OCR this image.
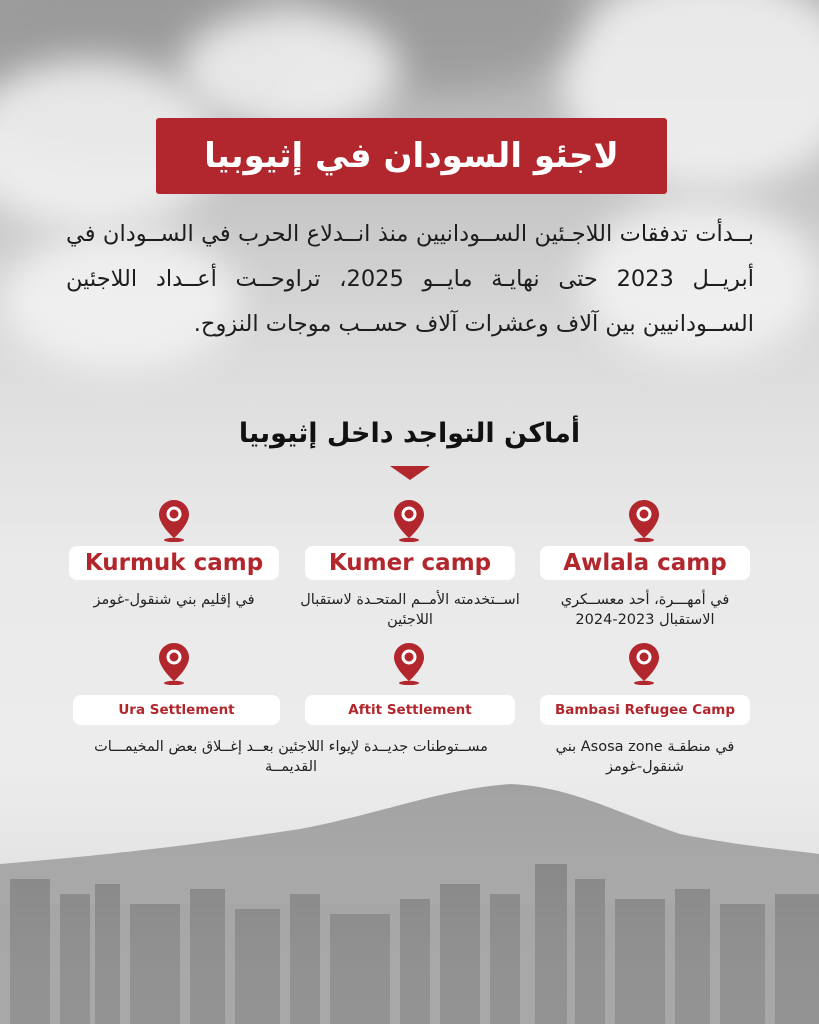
لاجئو السودان في إثيوبيا
بــدأت تدفقات اللاجـئين الســودانيين منذ انــدلاع الحرب في الســودان في أبريــل 2023 حتى نهايـة مايــو 2025، تراوحــت أعــداد اللاجئين الســودانيين بين آلاف وعشرات آلاف حســب موجات النزوح.
أماكن التواجد داخل إثيوبيا
Awlala camp
Kumer camp
Kurmuk camp
في أمهـــرة، أحد معســكري الاستقبال 2023-2024
اســتخدمته الأمــم المتحـدة لاستقبال اللاجئين
في إقليم بني شنقول-غومز
Bambasi Refugee Camp
Aftit Settlement
Ura Settlement
في منطقـة Asosa zone بني شنقول-غومز
مســتوطنات جديــدة لإيواء اللاجئين بعــد إغــلاق بعض المخيمـــات القديمــة
